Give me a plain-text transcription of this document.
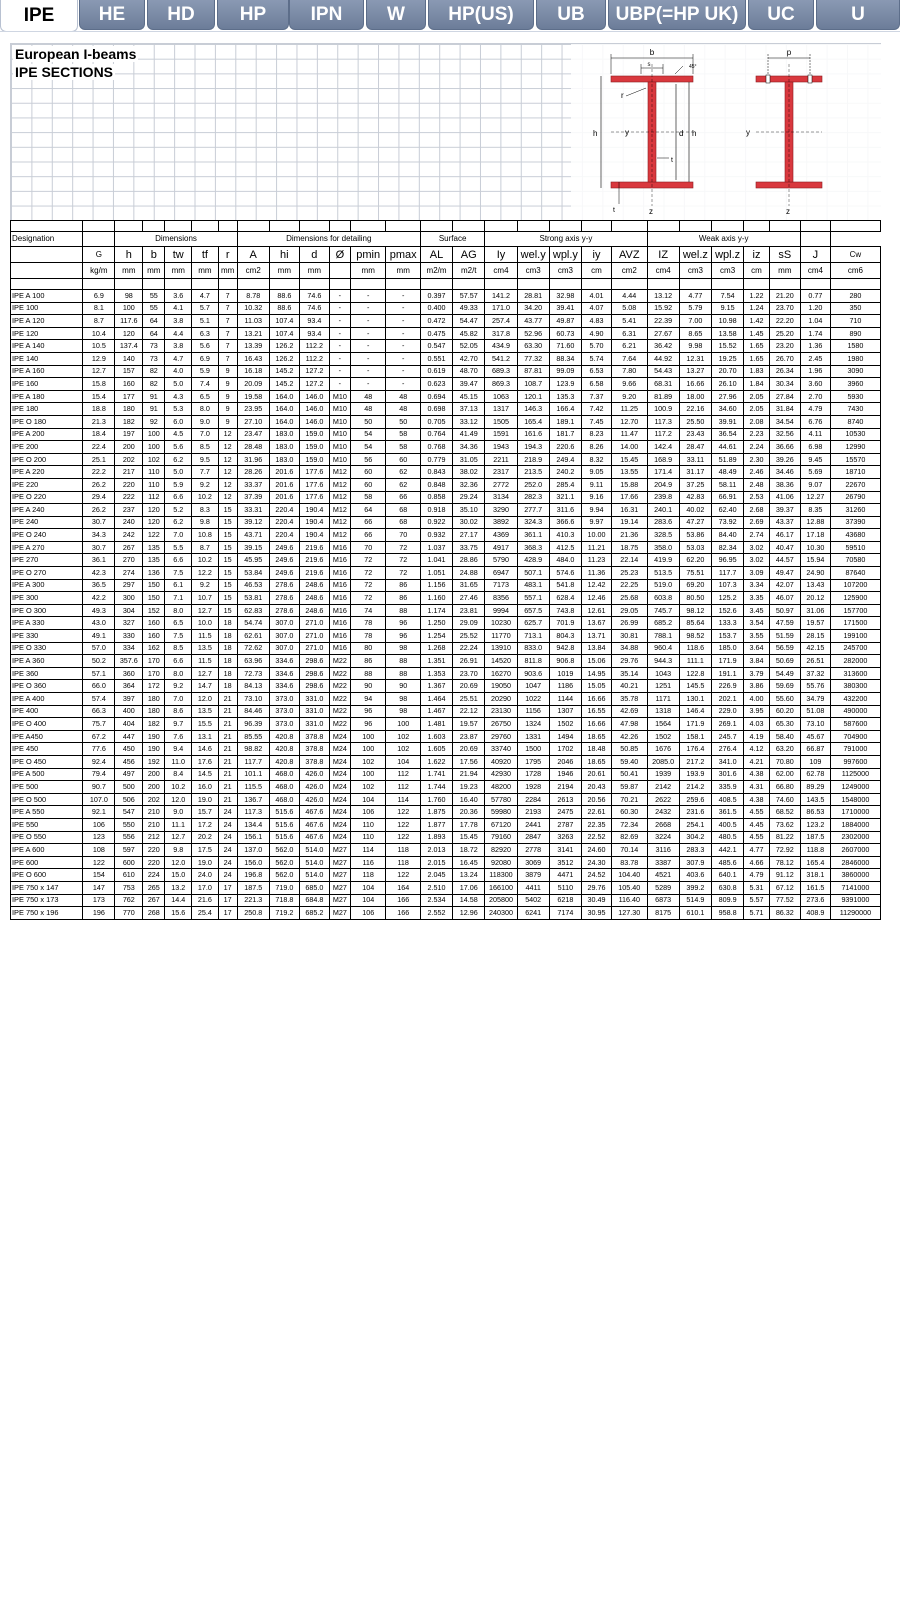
IPE	HE	HD	HP	IPN	W	HP(US)	UB	UBP(=HP UK)	UC	U
European I-beams
IPE SECTIONS
b
s	45°
r
h	d h
y
t
t	z
p
y
z

Designation		Dimensions					Dimensions for detailing						Surface		Strong axis y-y					Weak axis y-y						
	G	h	b	tw	tf	r	A	hi	d	Ø	pmin	pmax	AL	AG	Iy	wel.y	wpl.y	iy	AVZ	IZ	wel.z	wpl.z	iz	sS	J	Cw
	kg/m	mm	mm	mm	mm	mm	cm2	mm	mm		mm	mm	m2/m	m2/t	cm4	cm3	cm3	cm	cm2	cm4	cm3	cm3	cm	mm	cm4	cm6

IPE A 100	6.9	98	55	3.6	4.7	7	8.78	88.6	74.6	-	-	-	0.397	57.57	141.2	28.81	32.98	4.01	4.44	13.12	4.77	7.54	1.22	21.20	0.77	280
IPE 100	8.1	100	55	4.1	5.7	7	10.32	88.6	74.6	-	-	-	0.400	49.33	171.0	34.20	39.41	4.07	5.08	15.92	5.79	9.15	1.24	23.70	1.20	350
IPE A 120	8.7	117.6	64	3.8	5.1	7	11.03	107.4	93.4	-	-	-	0.472	54.47	257.4	43.77	49.87	4.83	5.41	22.39	7.00	10.98	1.42	22.20	1.04	710
IPE 120	10.4	120	64	4.4	6.3	7	13.21	107.4	93.4	-	-	-	0.475	45.82	317.8	52.96	60.73	4.90	6.31	27.67	8.65	13.58	1.45	25.20	1.74	890
IPE A 140	10.5	137.4	73	3.8	5.6	7	13.39	126.2	112.2	-	-	-	0.547	52.05	434.9	63.30	71.60	5.70	6.21	36.42	9.98	15.52	1.65	23.20	1.36	1580
IPE 140	12.9	140	73	4.7	6.9	7	16.43	126.2	112.2	-	-	-	0.551	42.70	541.2	77.32	88.34	5.74	7.64	44.92	12.31	19.25	1.65	26.70	2.45	1980
IPE A 160	12.7	157	82	4.0	5.9	9	16.18	145.2	127.2	-	-	-	0.619	48.70	689.3	87.81	99.09	6.53	7.80	54.43	13.27	20.70	1.83	26.34	1.96	3090
IPE 160	15.8	160	82	5.0	7.4	9	20.09	145.2	127.2	-	-	-	0.623	39.47	869.3	108.7	123.9	6.58	9.66	68.31	16.66	26.10	1.84	30.34	3.60	3960
IPE A 180	15.4	177	91	4.3	6.5	9	19.58	164.0	146.0	M10	48	48	0.694	45.15	1063	120.1	135.3	7.37	9.20	81.89	18.00	27.96	2.05	27.84	2.70	5930
IPE 180	18.8	180	91	5.3	8.0	9	23.95	164.0	146.0	M10	48	48	0.698	37.13	1317	146.3	166.4	7.42	11.25	100.9	22.16	34.60	2.05	31.84	4.79	7430
IPE O 180	21.3	182	92	6.0	9.0	9	27.10	164.0	146.0	M10	50	50	0.705	33.12	1505	165.4	189.1	7.45	12.70	117.3	25.50	39.91	2.08	34.54	6.76	8740
IPE A 200	18.4	197	100	4.5	7.0	12	23.47	183.0	159.0	M10	54	58	0.764	41.49	1591	161.6	181.7	8.23	11.47	117.2	23.43	36.54	2.23	32.56	4.11	10530
IPE 200	22.4	200	100	5.6	8.5	12	28.48	183.0	159.0	M10	54	58	0.768	34.36	1943	194.3	220.6	8.26	14.00	142.4	28.47	44.61	2.24	36.66	6.98	12990
IPE O 200	25.1	202	102	6.2	9.5	12	31.96	183.0	159.0	M10	56	60	0.779	31.05	2211	218.9	249.4	8.32	15.45	168.9	33.11	51.89	2.30	39.26	9.45	15570
IPE A 220	22.2	217	110	5.0	7.7	12	28.26	201.6	177.6	M12	60	62	0.843	38.02	2317	213.5	240.2	9.05	13.55	171.4	31.17	48.49	2.46	34.46	5.69	18710
IPE 220	26.2	220	110	5.9	9.2	12	33.37	201.6	177.6	M12	60	62	0.848	32.36	2772	252.0	285.4	9.11	15.88	204.9	37.25	58.11	2.48	38.36	9.07	22670
IPE O 220	29.4	222	112	6.6	10.2	12	37.39	201.6	177.6	M12	58	66	0.858	29.24	3134	282.3	321.1	9.16	17.66	239.8	42.83	66.91	2.53	41.06	12.27	26790
IPE A 240	26.2	237	120	5.2	8.3	15	33.31	220.4	190.4	M12	64	68	0.918	35.10	3290	277.7	311.6	9.94	16.31	240.1	40.02	62.40	2.68	39.37	8.35	31260
IPE 240	30.7	240	120	6.2	9.8	15	39.12	220.4	190.4	M12	66	68	0.922	30.02	3892	324.3	366.6	9.97	19.14	283.6	47.27	73.92	2.69	43.37	12.88	37390
IPE O 240	34.3	242	122	7.0	10.8	15	43.71	220.4	190.4	M12	66	70	0.932	27.17	4369	361.1	410.3	10.00	21.36	328.5	53.86	84.40	2.74	46.17	17.18	43680
IPE A 270	30.7	267	135	5.5	8.7	15	39.15	249.6	219.6	M16	70	72	1.037	33.75	4917	368.3	412.5	11.21	18.75	358.0	53.03	82.34	3.02	40.47	10.30	59510
IPE 270	36.1	270	135	6.6	10.2	15	45.95	249.6	219.6	M16	72	72	1.041	28.86	5790	428.9	484.0	11.23	22.14	419.9	62.20	96.95	3.02	44.57	15.94	70580
IPE O 270	42.3	274	136	7.5	12.2	15	53.84	249.6	219.6	M16	72	72	1.051	24.88	6947	507.1	574.6	11.36	25.23	513.5	75.51	117.7	3.09	49.47	24.90	87640
IPE A 300	36.5	297	150	6.1	9.2	15	46.53	278.6	248.6	M16	72	86	1.156	31.65	7173	483.1	541.8	12.42	22.25	519.0	69.20	107.3	3.34	42.07	13.43	107200
IPE 300	42.2	300	150	7.1	10.7	15	53.81	278.6	248.6	M16	72	86	1.160	27.46	8356	557.1	628.4	12.46	25.68	603.8	80.50	125.2	3.35	46.07	20.12	125900
IPE O 300	49.3	304	152	8.0	12.7	15	62.83	278.6	248.6	M16	74	88	1.174	23.81	9994	657.5	743.8	12.61	29.05	745.7	98.12	152.6	3.45	50.97	31.06	157700
IPE A 330	43.0	327	160	6.5	10.0	18	54.74	307.0	271.0	M16	78	96	1.250	29.09	10230	625.7	701.9	13.67	26.99	685.2	85.64	133.3	3.54	47.59	19.57	171500
IPE 330	49.1	330	160	7.5	11.5	18	62.61	307.0	271.0	M16	78	96	1.254	25.52	11770	713.1	804.3	13.71	30.81	788.1	98.52	153.7	3.55	51.59	28.15	199100
IPE O 330	57.0	334	162	8.5	13.5	18	72.62	307.0	271.0	M16	80	98	1.268	22.24	13910	833.0	942.8	13.84	34.88	960.4	118.6	185.0	3.64	56.59	42.15	245700
IPE A 360	50.2	357.6	170	6.6	11.5	18	63.96	334.6	298.6	M22	86	88	1.351	26.91	14520	811.8	906.8	15.06	29.76	944.3	111.1	171.9	3.84	50.69	26.51	282000
IPE 360	57.1	360	170	8.0	12.7	18	72.73	334.6	298.6	M22	88	88	1.353	23.70	16270	903.6	1019	14.95	35.14	1043	122.8	191.1	3.79	54.49	37.32	313600
IPE O 360	66.0	364	172	9.2	14.7	18	84.13	334.6	298.6	M22	90	90	1.367	20.69	19050	1047	1186	15.05	40.21	1251	145.5	226.9	3.86	59.69	55.76	380300
IPE A 400	57.4	397	180	7.0	12.0	21	73.10	373.0	331.0	M22	94	98	1.464	25.51	20290	1022	1144	16.66	35.78	1171	130.1	202.1	4.00	55.60	34.79	432200
IPE 400	66.3	400	180	8.6	13.5	21	84.46	373.0	331.0	M22	96	98	1.467	22.12	23130	1156	1307	16.55	42.69	1318	146.4	229.0	3.95	60.20	51.08	490000
IPE O 400	75.7	404	182	9.7	15.5	21	96.39	373.0	331.0	M22	96	100	1.481	19.57	26750	1324	1502	16.66	47.98	1564	171.9	269.1	4.03	65.30	73.10	587600
IPE A450	67.2	447	190	7.6	13.1	21	85.55	420.8	378.8	M24	100	102	1.603	23.87	29760	1331	1494	18.65	42.26	1502	158.1	245.7	4.19	58.40	45.67	704900
IPE 450	77.6	450	190	9.4	14.6	21	98.82	420.8	378.8	M24	100	102	1.605	20.69	33740	1500	1702	18.48	50.85	1676	176.4	276.4	4.12	63.20	66.87	791000
IPE O 450	92.4	456	192	11.0	17.6	21	117.7	420.8	378.8	M24	102	104	1.622	17.56	40920	1795	2046	18.65	59.40	2085.0	217.2	341.0	4.21	70.80	109	997600
IPE A 500	79.4	497	200	8.4	14.5	21	101.1	468.0	426.0	M24	100	112	1.741	21.94	42930	1728	1946	20.61	50.41	1939	193.9	301.6	4.38	62.00	62.78	1125000
IPE 500	90.7	500	200	10.2	16.0	21	115.5	468.0	426.0	M24	102	112	1.744	19.23	48200	1928	2194	20.43	59.87	2142	214.2	335.9	4.31	66.80	89.29	1249000
IPE O 500	107.0	506	202	12.0	19.0	21	136.7	468.0	426.0	M24	104	114	1.760	16.40	57780	2284	2613	20.56	70.21	2622	259.6	408.5	4.38	74.60	143.5	1548000
IPE A 550	92.1	547	210	9.0	15.7	24	117.3	515.6	467.6	M24	106	122	1.875	20.36	59980	2193	2475	22.61	60.30	2432	231.6	361.5	4.55	68.52	86.53	1710000
IPE 550	106	550	210	11.1	17.2	24	134.4	515.6	467.6	M24	110	122	1.877	17.78	67120	2441	2787	22.35	72.34	2668	254.1	400.5	4.45	73.62	123.2	1884000
IPE O 550	123	556	212	12.7	20.2	24	156.1	515.6	467.6	M24	110	122	1.893	15.45	79160	2847	3263	22.52	82.69	3224	304.2	480.5	4.55	81.22	187.5	2302000
IPE A 600	108	597	220	9.8	17.5	24	137.0	562.0	514.0	M27	114	118	2.013	18.72	82920	2778	3141	24.60	70.14	3116	283.3	442.1	4.77	72.92	118.8	2607000
IPE 600	122	600	220	12.0	19.0	24	156.0	562.0	514.0	M27	116	118	2.015	16.45	92080	3069	3512	24.30	83.78	3387	307.9	485.6	4.66	78.12	165.4	2846000
IPE O 600	154	610	224	15.0	24.0	24	196.8	562.0	514.0	M27	118	122	2.045	13.24	118300	3879	4471	24.52	104.40	4521	403.6	640.1	4.79	91.12	318.1	3860000
IPE 750 x 147	147	753	265	13.2	17.0	17	187.5	719.0	685.0	M27	104	164	2.510	17.06	166100	4411	5110	29.76	105.40	5289	399.2	630.8	5.31	67.12	161.5	7141000
IPE 750 x 173	173	762	267	14.4	21.6	17	221.3	718.8	684.8	M27	104	166	2.534	14.58	205800	5402	6218	30.49	116.40	6873	514.9	809.9	5.57	77.52	273.6	9391000
IPE 750 x 196	196	770	268	15.6	25.4	17	250.8	719.2	685.2	M27	106	166	2.552	12.96	240300	6241	7174	30.95	127.30	8175	610.1	958.8	5.71	86.32	408.9	11290000
